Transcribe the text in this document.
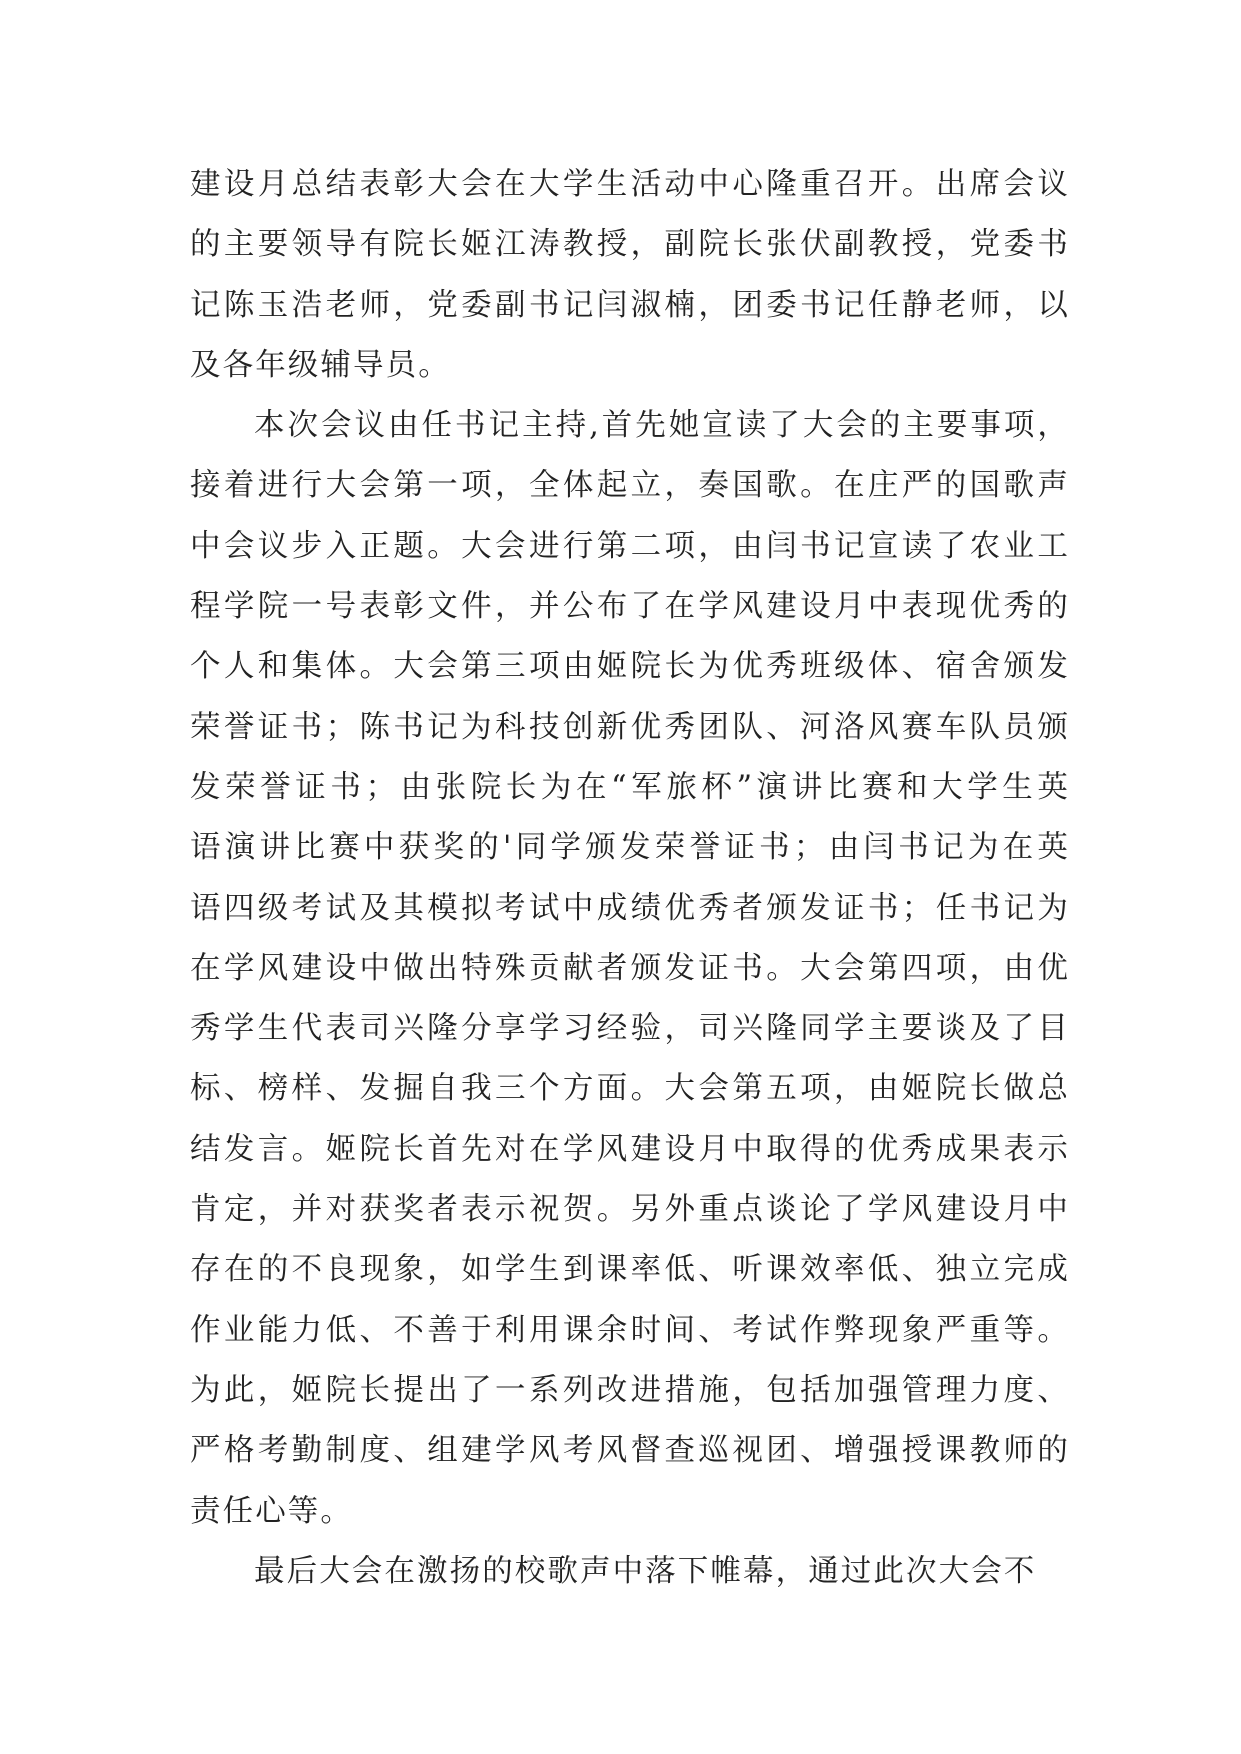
建设月总结表彰大会在大学生活动中心隆重召开。出席会议
的主要领导有院长姬江涛教授，副院长张伏副教授，党委书
记陈玉浩老师，党委副书记闫淑楠，团委书记任静老师，以
及各年级辅导员。

本次会议由任书记主持,首先她宣读了大会的主要事项，
接着进行大会第一项，全体起立，奏国歌。在庄严的国歌声
中会议步入正题。大会进行第二项，由闫书记宣读了农业工
程学院一号表彰文件，并公布了在学风建设月中表现优秀的
个人和集体。大会第三项由姬院长为优秀班级体、宿舍颁发
荣誉证书；陈书记为科技创新优秀团队、河洛风赛车队员颁
发荣誉证书；由张院长为在“军旅杯”演讲比赛和大学生英
语演讲比赛中获奖的'同学颁发荣誉证书；由闫书记为在英
语四级考试及其模拟考试中成绩优秀者颁发证书；任书记为
在学风建设中做出特殊贡献者颁发证书。大会第四项，由优
秀学生代表司兴隆分享学习经验，司兴隆同学主要谈及了目
标、榜样、发掘自我三个方面。大会第五项，由姬院长做总
结发言。姬院长首先对在学风建设月中取得的优秀成果表示
肯定，并对获奖者表示祝贺。另外重点谈论了学风建设月中
存在的不良现象，如学生到课率低、听课效率低、独立完成
作业能力低、不善于利用课余时间、考试作弊现象严重等。
为此，姬院长提出了一系列改进措施，包括加强管理力度、
严格考勤制度、组建学风考风督查巡视团、增强授课教师的
责任心等。

最后大会在激扬的校歌声中落下帷幕，通过此次大会不
